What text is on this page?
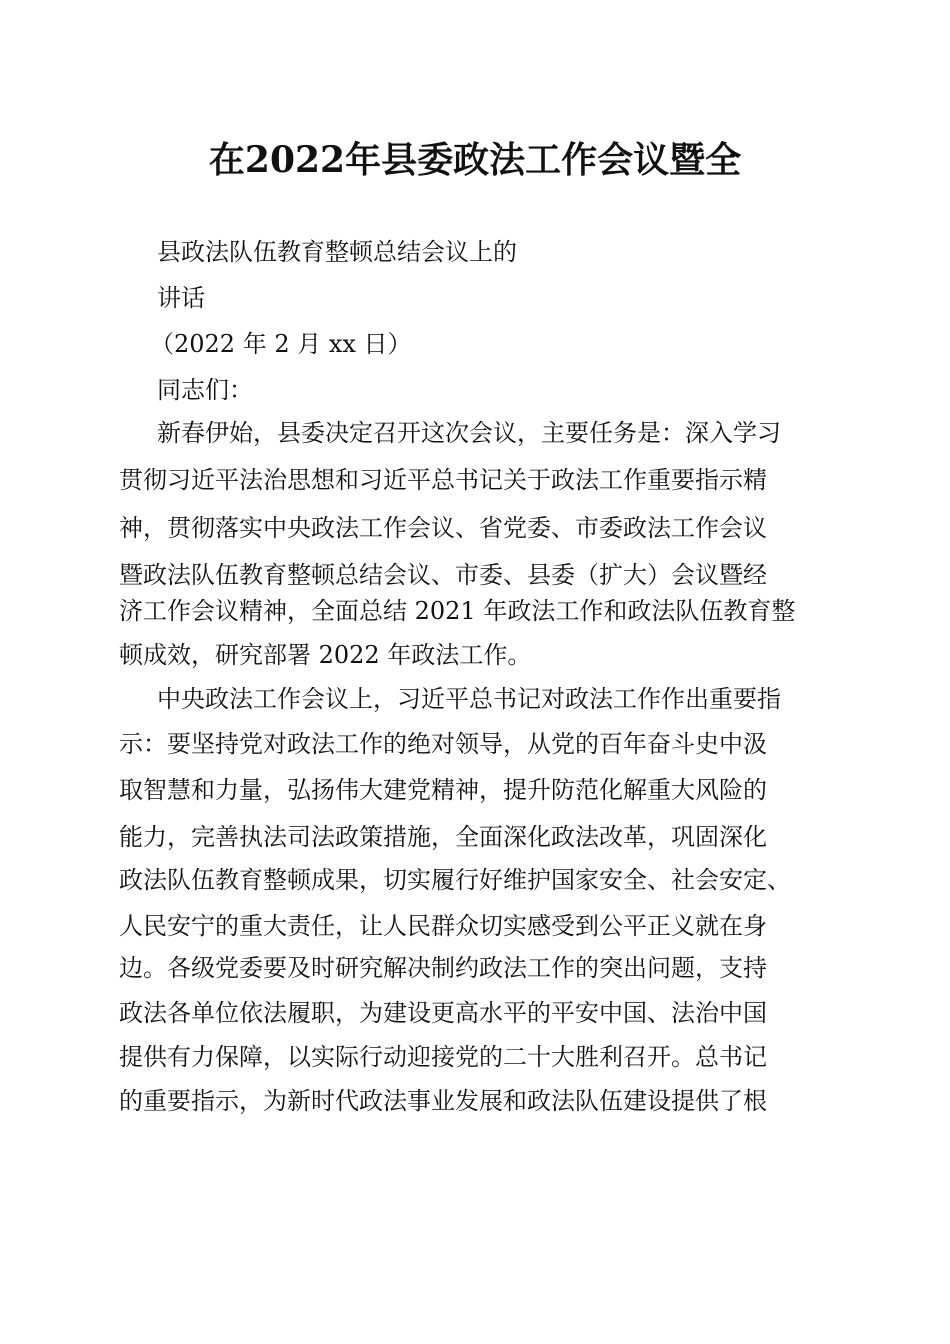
在2022年县委政法工作会议暨全
县政法队伍教育整顿总结会议上的
讲话
（2022 年 2 月 xx 日）
同志们：
新春伊始，县委决定召开这次会议，主要任务是：深入学习
贯彻习近平法治思想和习近平总书记关于政法工作重要指示精
神，贯彻落实中央政法工作会议、省党委、市委政法工作会议
暨政法队伍教育整顿总结会议、市委、县委（扩大）会议暨经
济工作会议精神，全面总结 2021 年政法工作和政法队伍教育整
顿成效，研究部署 2022 年政法工作。
中央政法工作会议上，习近平总书记对政法工作作出重要指
示：要坚持党对政法工作的绝对领导，从党的百年奋斗史中汲
取智慧和力量，弘扬伟大建党精神，提升防范化解重大风险的
能力，完善执法司法政策措施，全面深化政法改革，巩固深化
政法队伍教育整顿成果，切实履行好维护国家安全、社会安定、
人民安宁的重大责任，让人民群众切实感受到公平正义就在身
边。各级党委要及时研究解决制约政法工作的突出问题，支持
政法各单位依法履职，为建设更高水平的平安中国、法治中国
提供有力保障，以实际行动迎接党的二十大胜利召开。总书记
的重要指示，为新时代政法事业发展和政法队伍建设提供了根
